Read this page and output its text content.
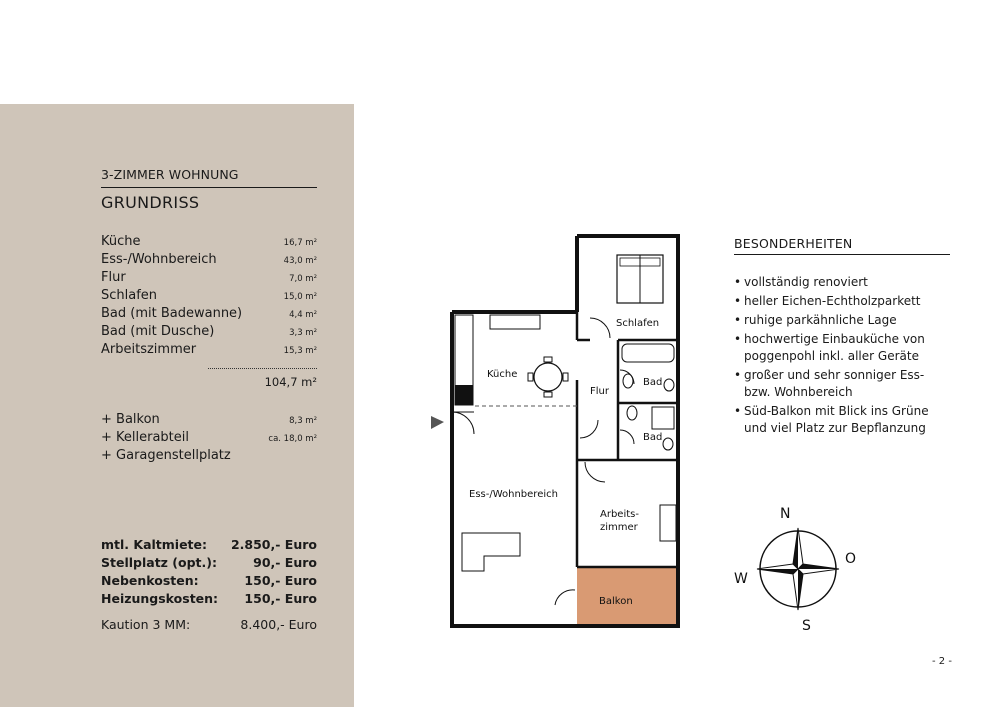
3-ZIMMER WOHNUNG
GRUNDRISS
Küche	16,7 m²
Ess-/Wohnbereich	43,0 m²
Flur	7,0 m²
Schlafen	15,0 m²
Bad (mit Badewanne)	4,4 m²
Bad (mit Dusche)	3,3 m²
Arbeitszimmer	15,3 m²
104,7 m²
+ Balkon	8,3 m²
+ Kellerabteil	ca. 18,0 m²
+ Garagenstellplatz
mtl. Kaltmiete: 2.850,- Euro
Stellplatz (opt.):	90,- Euro
Nebenkosten:	150,- Euro
Heizungskosten: 150,- Euro
Kaution 3 MM:	8.400,- Euro
Küche
Flur
Schlafen
Bad
Bad
Ess-/Wohnbereich
Arbeits-
zimmer
Balkon
BESONDERHEITEN
• vollständig renoviert
• heller Eichen-Echtholzparkett
• ruhige parkähnliche Lage
• hochwertige Einbauküche von poggenpohl inkl. aller Geräte
• großer und sehr sonniger Ess- bzw. Wohnbereich
• Süd-Balkon mit Blick ins Grüne und viel Platz zur Bepflanzung
N
O
S
W
- 2 -
